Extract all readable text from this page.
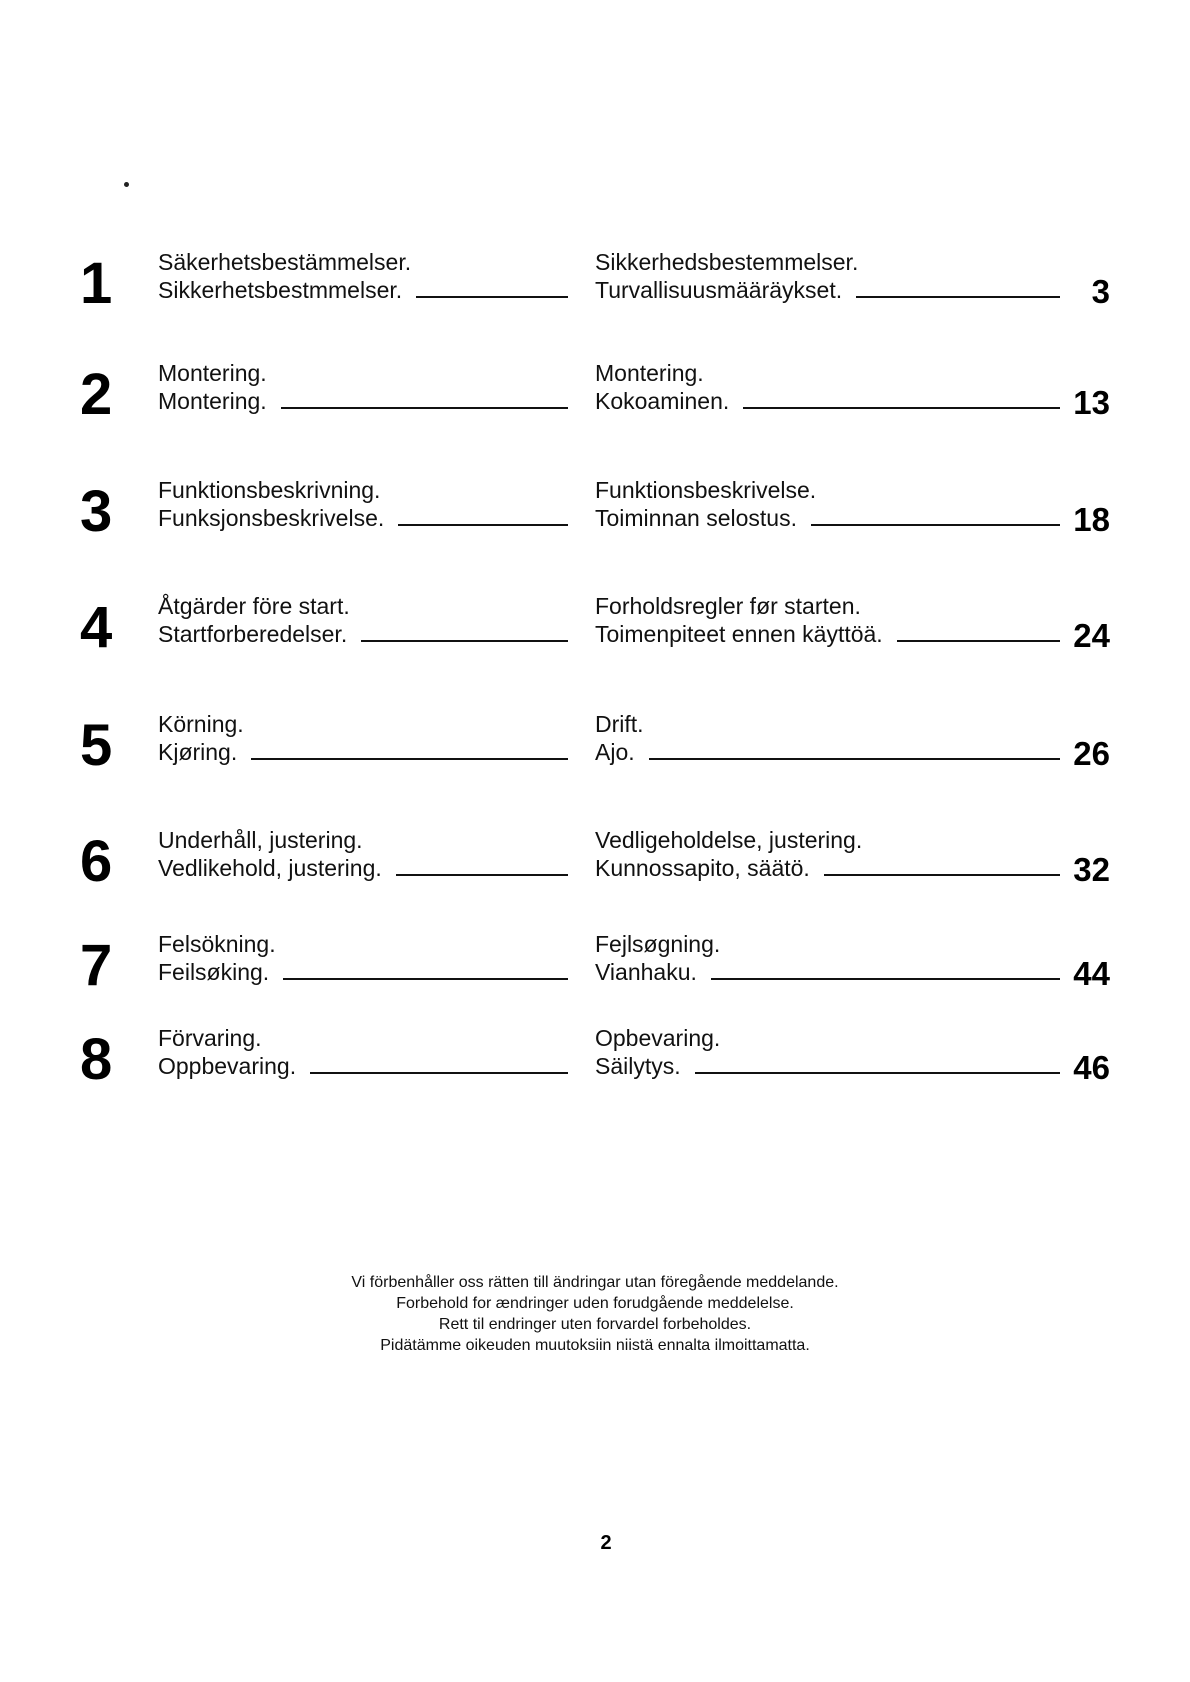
1	Säkerhetsbestämmelser.
Sikkerhetsbestmmelser.
Sikkerhedsbestemmelser.
Turvallisuusmääräykset.	3
2	Montering.
Montering.
Montering.
Kokoaminen.	13
3	Funktionsbeskrivning.
Funksjonsbeskrivelse.
Funktionsbeskrivelse.
Toiminnan selostus.	18
4	Åtgärder före start.
Startforberedelser.
Forholdsregler før starten.
Toimenpiteet ennen käyttöä.	24
5	Körning.
Kjøring.
Drift.
Ajo.	26
6	Underhåll, justering.
Vedlikehold, justering.
Vedligeholdelse, justering.
Kunnossapito, säätö.	32
7	Felsökning.
Feilsøking.
Fejlsøgning.
Vianhaku.	44
8	Förvaring.
Oppbevaring.
Opbevaring.
Säilytys.	46

Vi förbenhåller oss rätten till ändringar utan föregående meddelande.

Forbehold for ændringer uden forudgående meddelelse.

Rett til endringer uten forvardel forbeholdes.

Pidätämme oikeuden muutoksiin niistä ennalta ilmoittamatta.

2
